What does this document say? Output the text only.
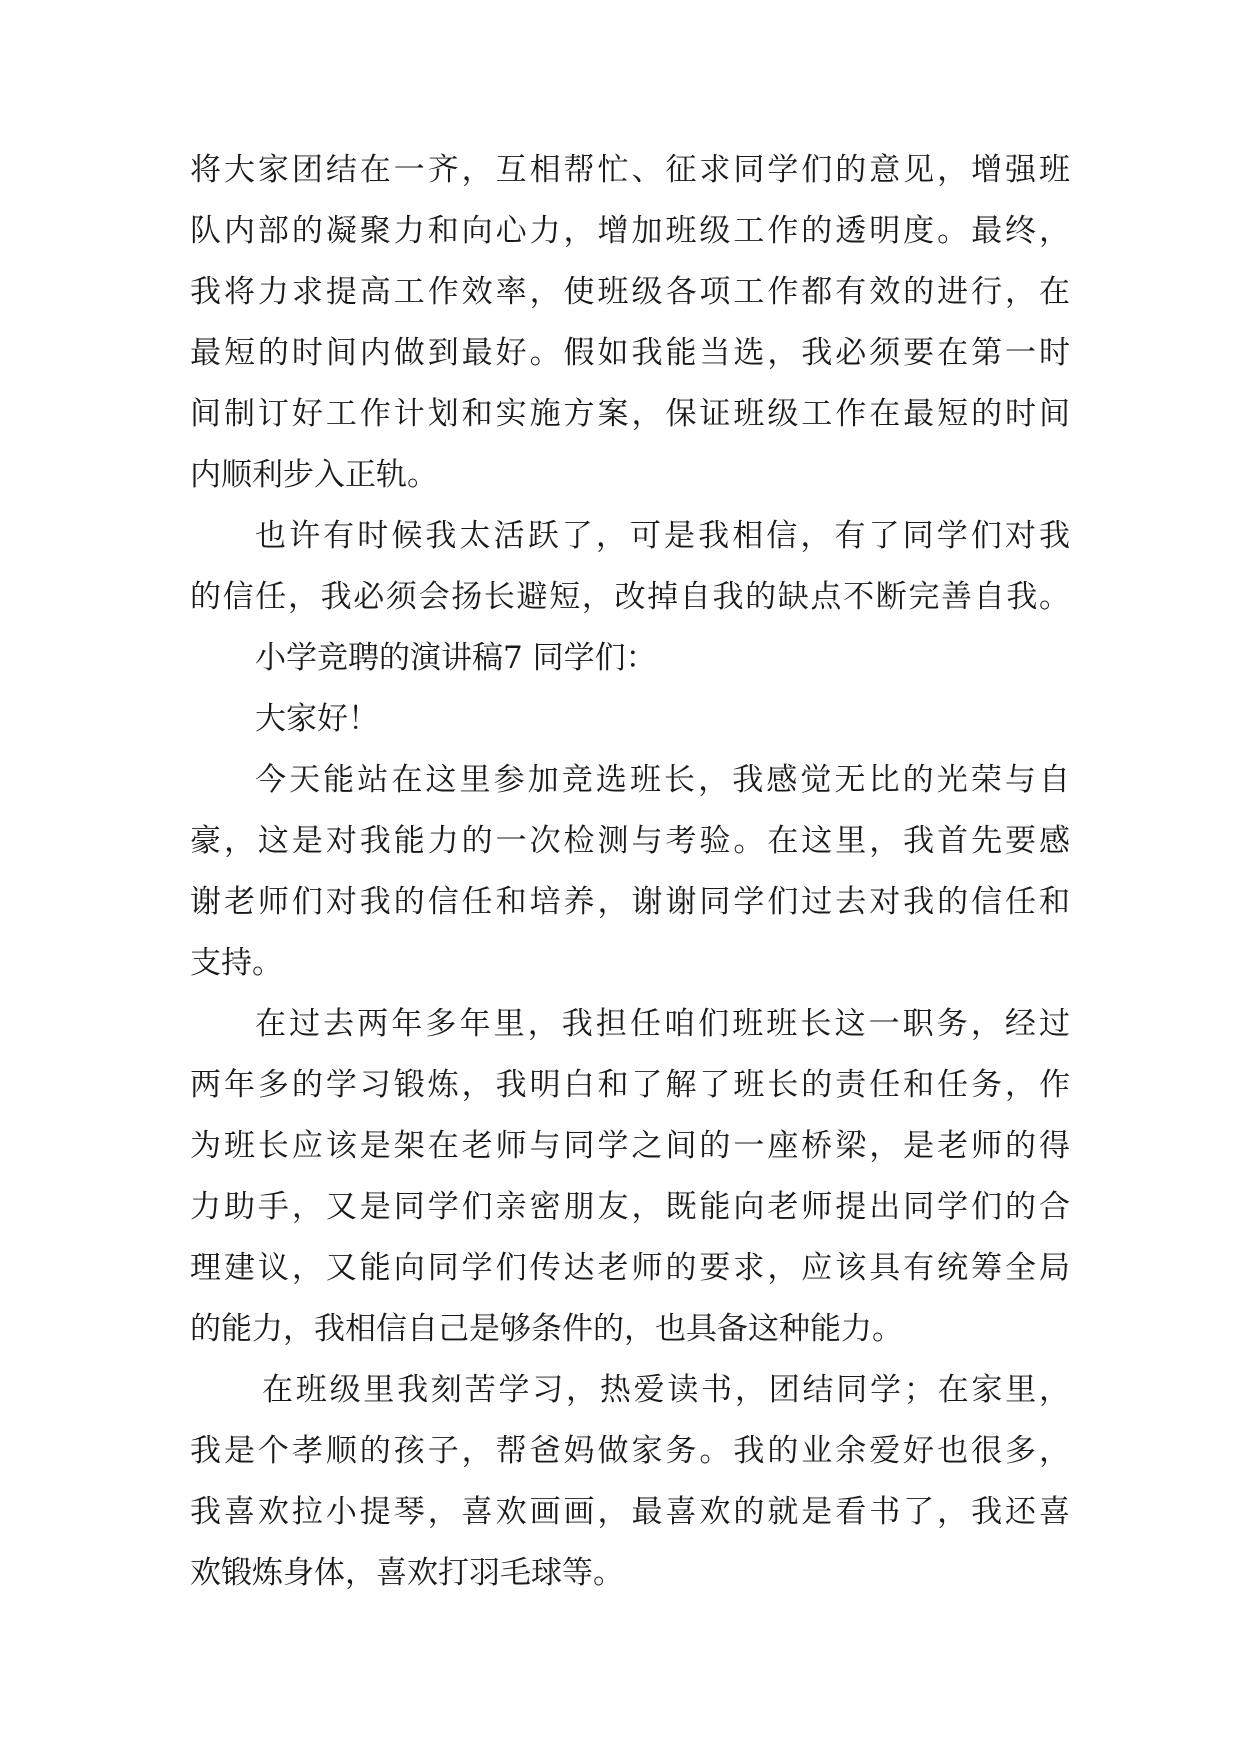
将大家团结在一齐，互相帮忙、征求同学们的意见，增强班
队内部的凝聚力和向心力，增加班级工作的透明度。最终，
我将力求提高工作效率，使班级各项工作都有效的进行，在
最短的时间内做到最好。假如我能当选，我必须要在第一时
间制订好工作计划和实施方案，保证班级工作在最短的时间
内顺利步入正轨。
也许有时候我太活跃了，可是我相信，有了同学们对我
的信任，我必须会扬长避短，改掉自我的缺点不断完善自我。
小学竞聘的演讲稿7 同学们：
大家好！
今天能站在这里参加竞选班长，我感觉无比的光荣与自
豪，这是对我能力的一次检测与考验。在这里，我首先要感
谢老师们对我的信任和培养，谢谢同学们过去对我的信任和
支持。
在过去两年多年里，我担任咱们班班长这一职务，经过
两年多的学习锻炼，我明白和了解了班长的责任和任务，作
为班长应该是架在老师与同学之间的一座桥梁，是老师的得
力助手，又是同学们亲密朋友，既能向老师提出同学们的合
理建议，又能向同学们传达老师的要求，应该具有统筹全局
的能力，我相信自己是够条件的，也具备这种能力。
在班级里我刻苦学习，热爱读书，团结同学；在家里，
我是个孝顺的孩子，帮爸妈做家务。我的业余爱好也很多，
我喜欢拉小提琴，喜欢画画，最喜欢的就是看书了，我还喜
欢锻炼身体，喜欢打羽毛球等。
